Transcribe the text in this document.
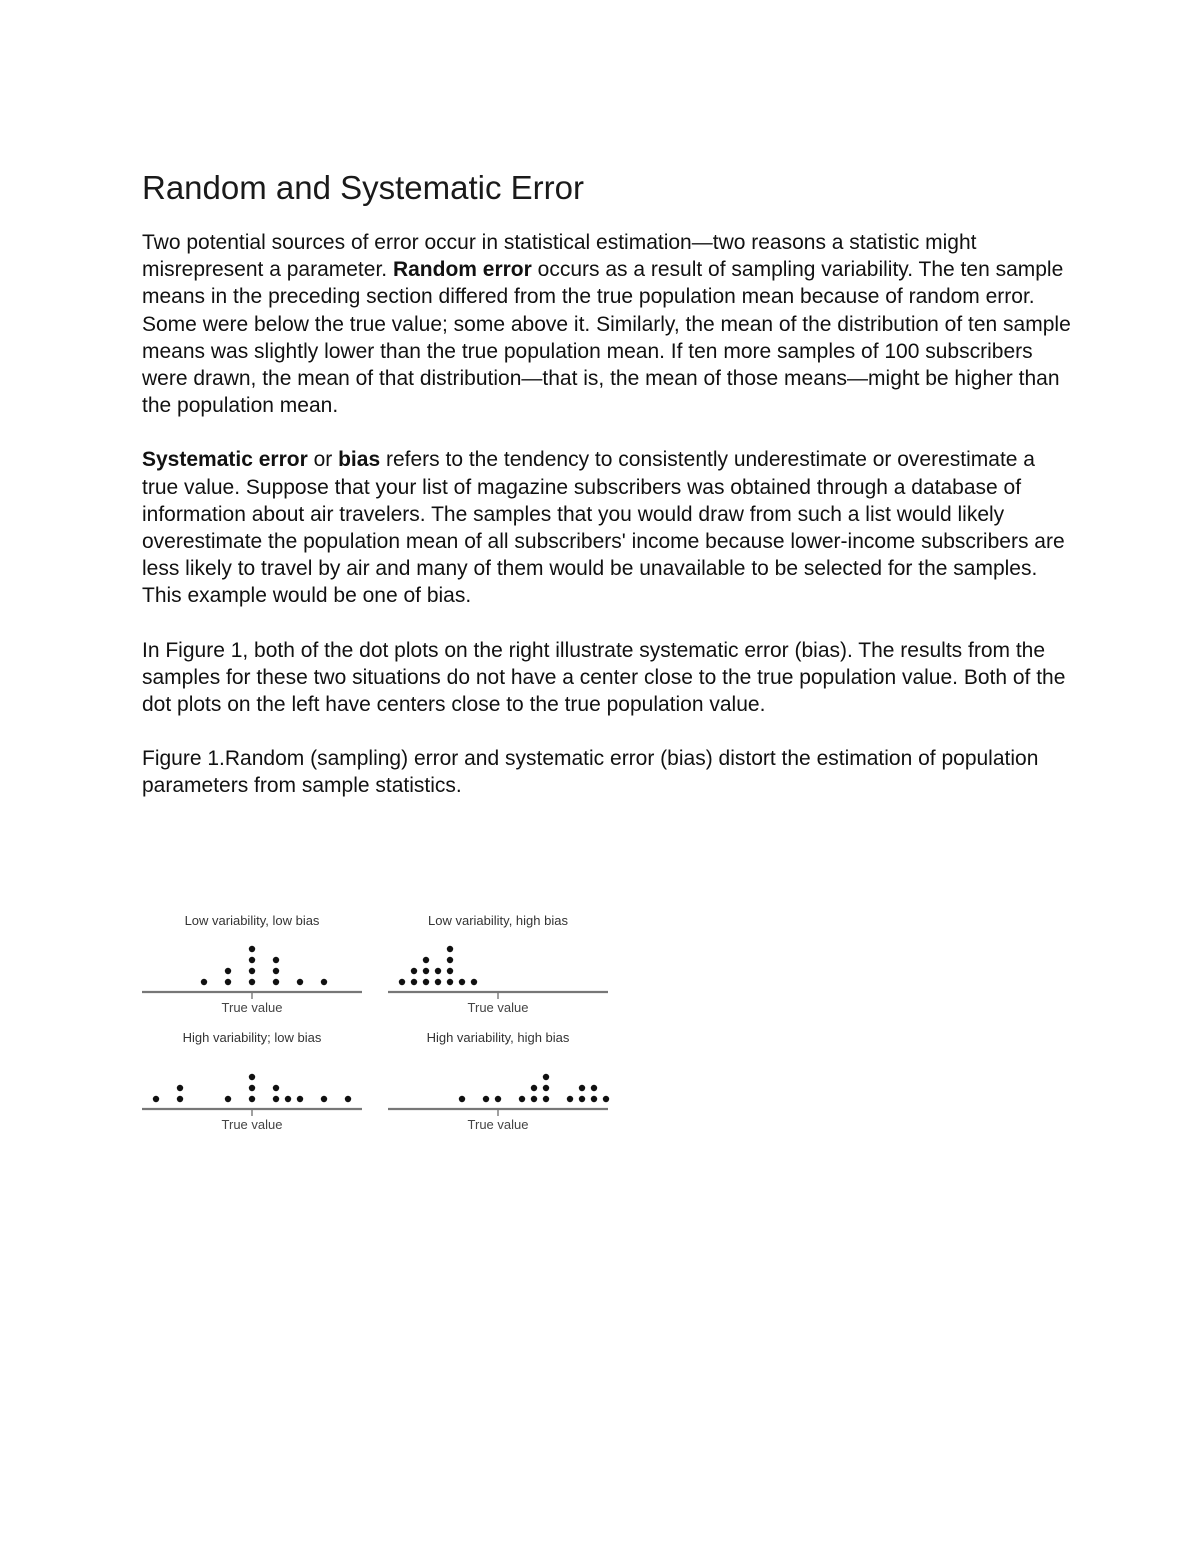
Random and Systematic Error

Two potential sources of error occur in statistical estimation—two reasons a statistic might misrepresent a parameter. Random error occurs as a result of sampling variability. The ten sample means in the preceding section differed from the true population mean because of random error. Some were below the true value; some above it. Similarly, the mean of the distribution of ten sample means was slightly lower than the true population mean. If ten more samples of 100 subscribers were drawn, the mean of that distribution—that is, the mean of those means—might be higher than the population mean.

Systematic error or bias refers to the tendency to consistently underestimate or overestimate a true value. Suppose that your list of magazine subscribers was obtained through a database of information about air travelers. The samples that you would draw from such a list would likely overestimate the population mean of all subscribers' income because lower-income subscribers are less likely to travel by air and many of them would be unavailable to be selected for the samples. This example would be one of bias.

In Figure 1, both of the dot plots on the right illustrate systematic error (bias). The results from the samples for these two situations do not have a center close to the true population value. Both of the dot plots on the left have centers close to the true population value.

Figure 1.Random (sampling) error and systematic error (bias) distort the estimation of population parameters from sample statistics.

Low variability, low bias
True value
Low variability, high bias
True value
High variability; low bias
True value
High variability, high bias
True value
